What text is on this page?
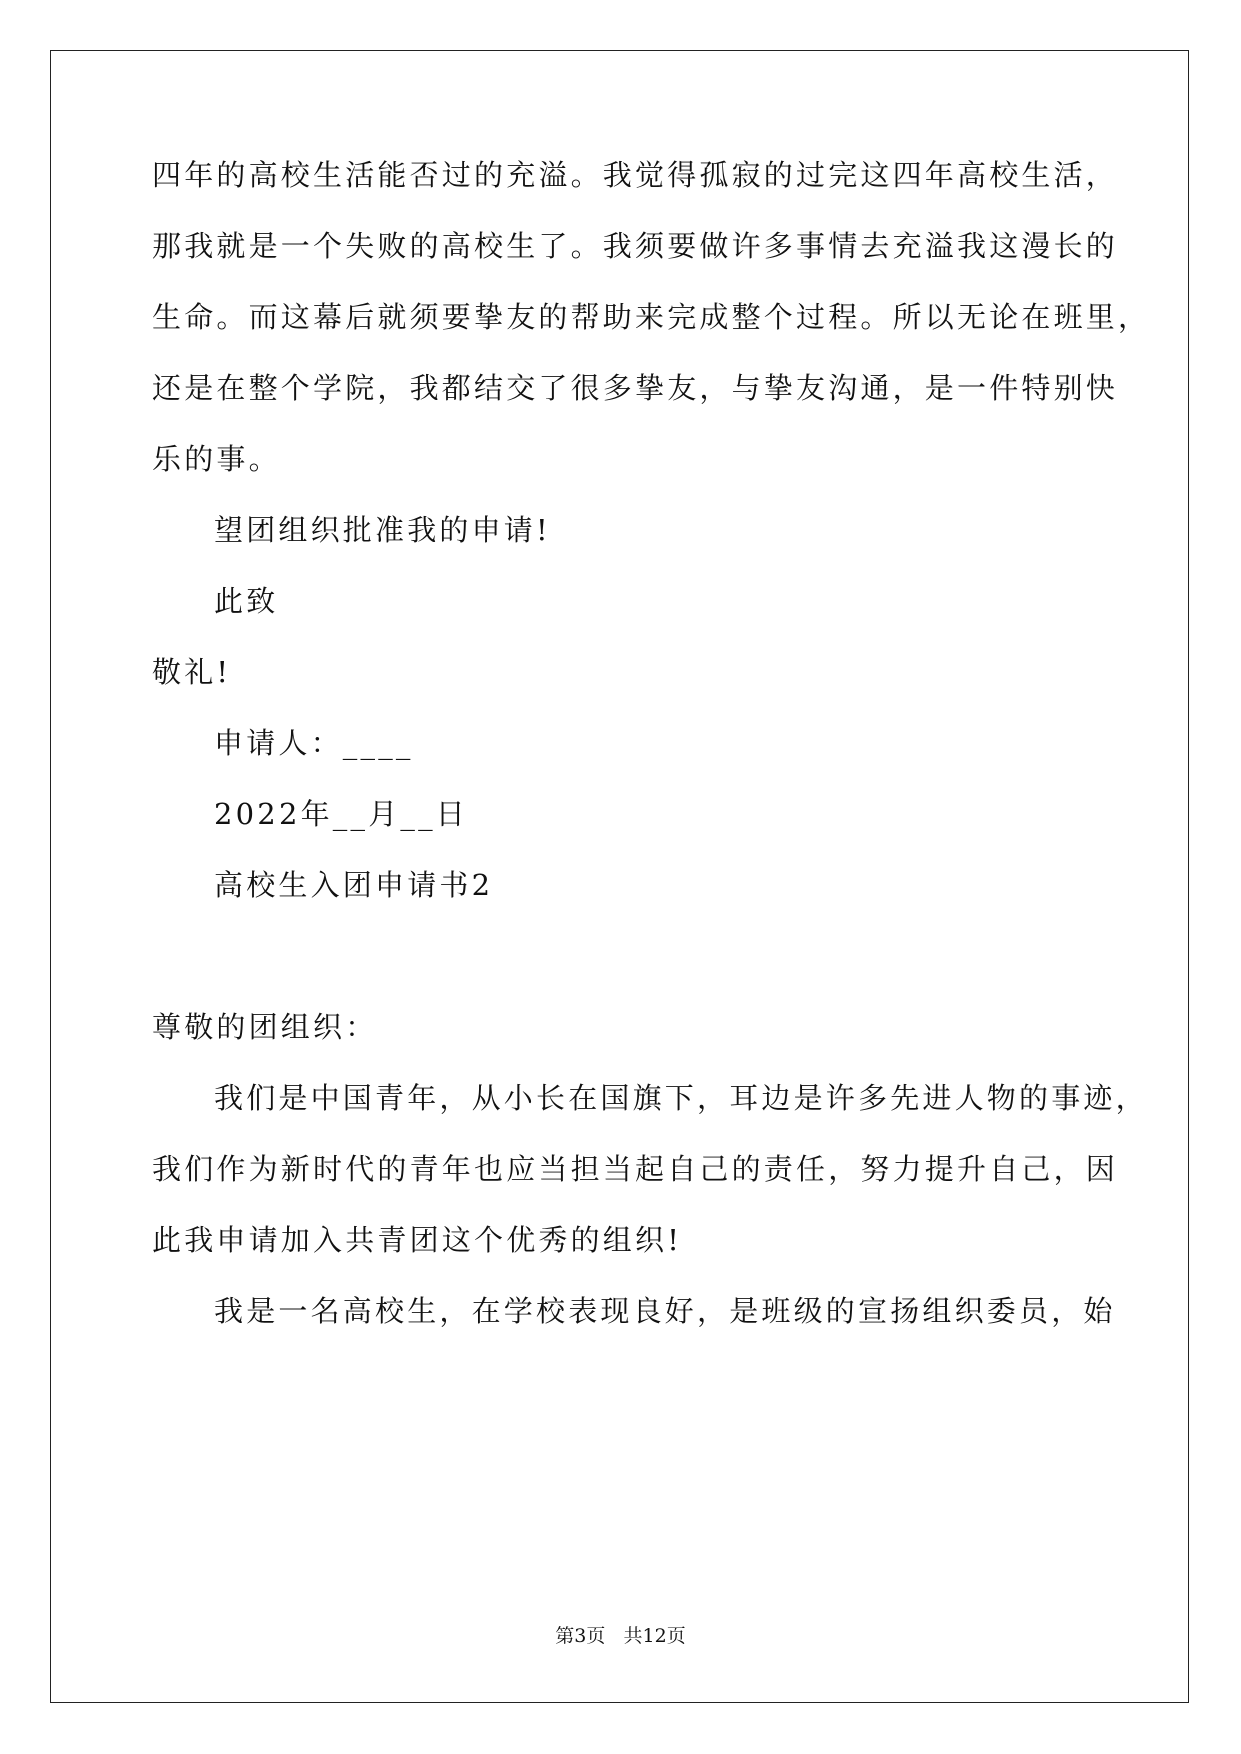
四年的高校生活能否过的充溢。我觉得孤寂的过完这四年高校生活，
那我就是一个失败的高校生了。我须要做许多事情去充溢我这漫长的
生命。而这幕后就须要挚友的帮助来完成整个过程。所以无论在班里，
还是在整个学院，我都结交了很多挚友，与挚友沟通，是一件特别快
乐的事。
望团组织批准我的申请!
此致
敬礼!
申请人：____
2022年__月__日
高校生入团申请书2
尊敬的团组织：
我们是中国青年，从小长在国旗下，耳边是许多先进人物的事迹，
我们作为新时代的青年也应当担当起自己的责任，努力提升自己，因
此我申请加入共青团这个优秀的组织!
我是一名高校生，在学校表现良好，是班级的宣扬组织委员，始
第3页 共12页
